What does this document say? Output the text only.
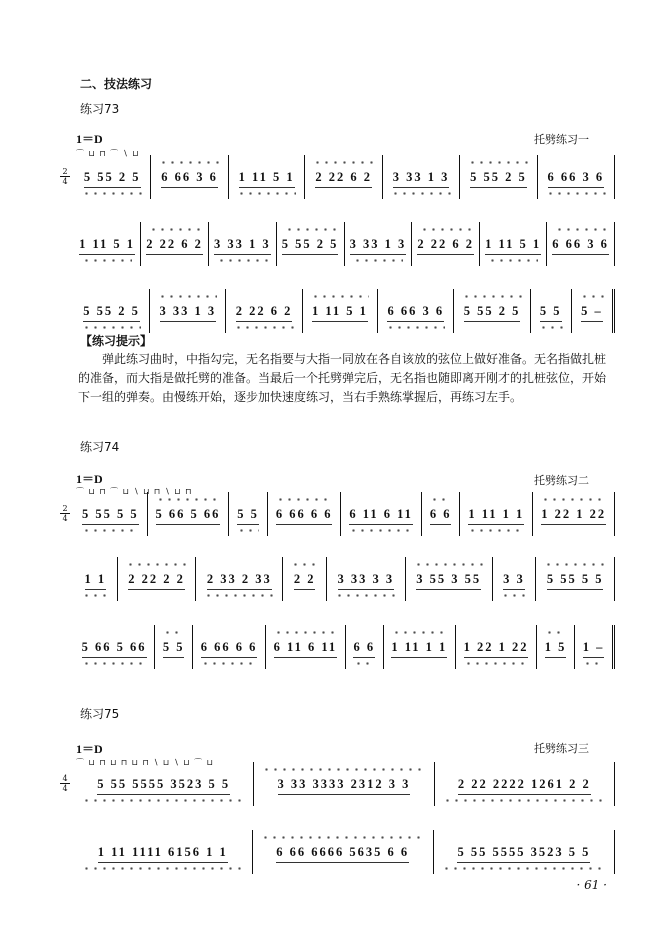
二、技法练习
练习73
1＝D	托劈练习一
⌒ ⊔ ⊓ ⌒ ∖ ⊔
2
4 5 55 2 5 6 66 3 6 1 11 5 1 2 22 6 2 3 33 1 3 5 55 2 5 6 66 3 6
1 11 5 1 2 22 6 2 3 33 1 3 5 55 2 5 3 33 1 3 2 22 6 2 1 11 5 1 6 66 3 6
5 55 2 5 3 33 1 3 2 22 6 2 1 11 5 1 6 66 3 6 5 55 2 5 5 5 5 –
【练习提示】

弹此练习曲时，中指勾完，无名指要与大指一同放在各自该放的弦位上做好准备。无名指做扎桩的准备，而大指是做托劈的准备。当最后一个托劈弹完后，无名指也随即离开刚才的扎桩弦位，开始下一组的弹奏。由慢练开始，逐步加快速度练习，当右手熟练掌握后，再练习左手。

练习74
1＝D	托劈练习二
⌒ ⊔ ⊓ ⌒ ⊔ ∖ ⊔ ⊓ ∖ ⊔ ⊓
2
4 5 55 5 5 5 66 5 66 5 5 6 66 6 6 6 11 6 11 6 6 1 11 1 1 1 22 1 22
1 1 2 22 2 2 2 33 2 33 2 2 3 33 3 3 3 55 3 55 3 3 5 55 5 5
5 66 5 66 5 5 6 66 6 6 6 11 6 11 6 6 1 11 1 1 1 22 1 22 1 5 1 –
练习75
1＝D	托劈练习三
⌒ ⊔ ⊓ ⊔ ⊓ ⊔ ⊓ ∖ ⊔ ∖ ⊔ ⌒ ⊔
4
4 5 55 5555 3523 5 5	3 33 3333 2312 3 3	2 22 2222 1261 2 2
1 11 1111 6156 1 1	6 66 6666 5635 6 6	5 55 5555 3523 5 5
· 61 ·
